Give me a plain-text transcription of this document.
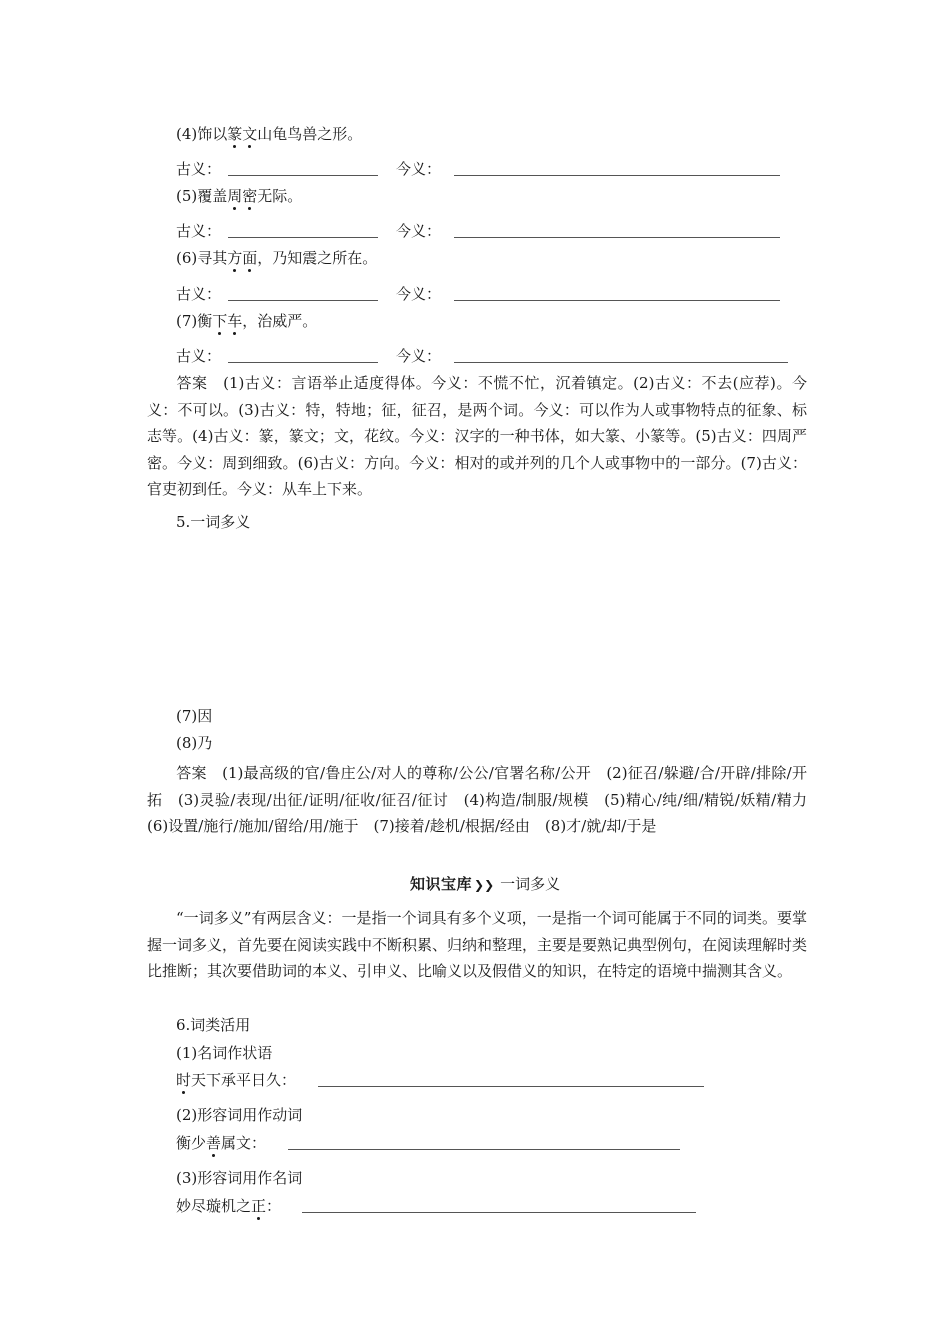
(4)饰以篆文山龟鸟兽之形。
古义：	今义：
(5)覆盖周密无际。
古义：	今义：
(6)寻其方面，乃知震之所在。
古义：	今义：
(7)衡下车，治威严。
古义：	今义：

答案　 (1)古义：言语举止适度得体。今义：不慌不忙，沉着镇定。(2)古义：不去(应荐)。今义：不可以。(3)古义：特，特地；征，征召，是两个词。今义：可以作为人或事物特点的征象、标志等。(4)古义：篆，篆文；文，花纹。今义：汉字的一种书体，如大篆、小篆等。(5)古义：四周严密。今义：周到细致。(6)古义：方向。今义：相对的或并列的几个人或事物中的一部分。(7)古义：官吏初到任。今义：从车上下来。

5.一词多义
(7)因
(8)乃

答案　 (1)最高级的官/鲁庄公/对人的尊称/公公/官署名称/公开　(2)征召/躲避/合/开辟/排除/开拓　(3)灵验/表现/出征/证明/征收/征召/征讨　(4)构造/制服/规模　(5)精心/纯/细/精锐/妖精/精力　(6)设置/施行/施加/留给/用/施于　(7)接着/趁机/根据/经由　(8)才/就/却/于是

知识宝库 ❯❯ 一词多义

“一词多义”有两层含义：一是指一个词具有多个义项，一是指一个词可能属于不同的词类。要掌握一词多义，首先要在阅读实践中不断积累、归纳和整理，主要是要熟记典型例句，在阅读理解时类比推断；其次要借助词的本义、引申义、比喻义以及假借义的知识，在特定的语境中揣测其含义。

6.词类活用
(1)名词作状语
时天下承平日久：
(2)形容词用作动词
衡少善属文：
(3)形容词用作名词
妙尽璇机之正：
